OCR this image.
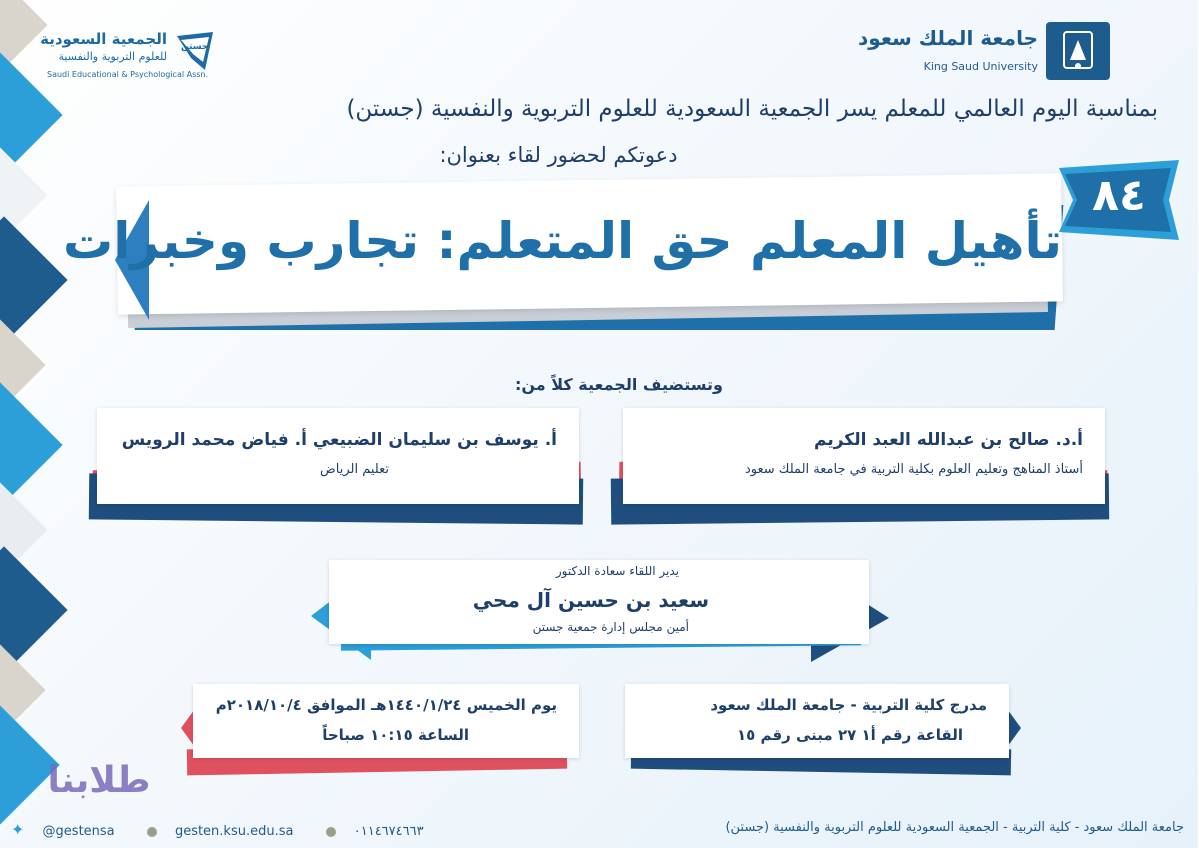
جامعة الملك سعود
King Saud University
الجمعية السعودية
للعلوم التربوية والنفسية
Saudi Educational & Psychological Assn.
جستن
بمناسبة اليوم العالمي للمعلم يسر الجمعية السعودية للعلوم التربوية والنفسية (جستن)
دعوتكم لحضور لقاء بعنوان:
تأهيل المعلم حق المتعلم: تجارب وخبرات
٨٤
وتستضيف الجمعية كلاً من:
أ.د. صالح بن عبدالله العبد الكريم
أستاذ المناهج وتعليم العلوم بكلية التربية في جامعة الملك سعود
أ. يوسف بن سليمان الضبيعي أ. فياض محمد الرويس
تعليم الرياض
يدير اللقاء سعادة الدكتور
سعيد بن حسين آل محي
أمين مجلس إدارة جمعية جستن
مدرج كلية التربية - جامعة الملك سعود
القاعة رقم أ١ ٢٧ مبنى رقم ١٥
يوم الخميس ١٤٤٠/١/٢٤هـ الموافق ٢٠١٨/١٠/٤م
الساعة ١٠:١٥ صباحاً
طلابنا
جامعة الملك سعود - كلية التربية - الجمعية السعودية للعلوم التربوية والنفسية (جستن)
✦ @gestensa	gesten.ksu.edu.sa	٠١١٤٦٧٤٦٦٣
